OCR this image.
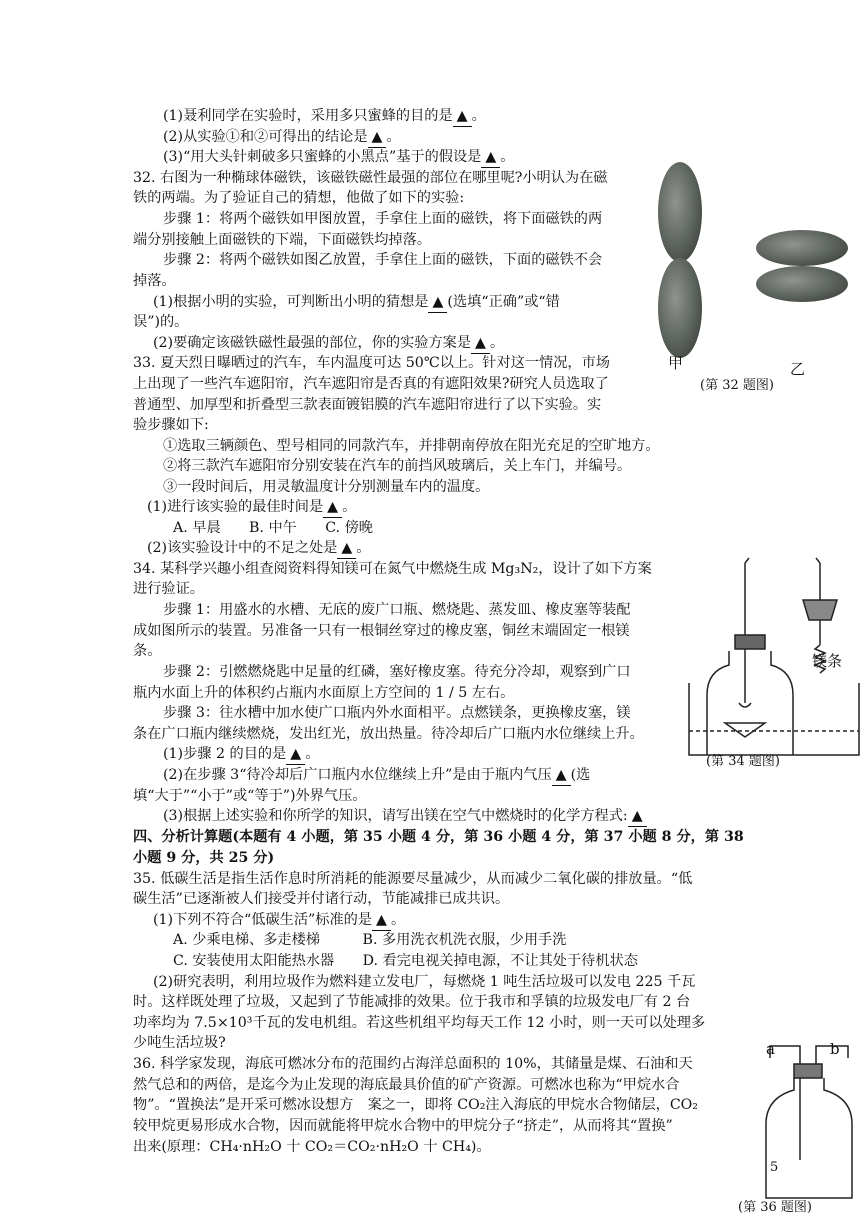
(1)聂利同学在实验时，采用多只蜜蜂的目的是 ▲ 。
(2)从实验①和②可得出的结论是 ▲ 。
(3)“用大头针刺破多只蜜蜂的小黑点”基于的假设是 ▲ 。
32. 右图为一种椭球体磁铁，该磁铁磁性最强的部位在哪里呢?小明认为在磁
铁的两端。为了验证自己的猜想，他做了如下的实验:
步骤 1：将两个磁铁如甲图放置，手拿住上面的磁铁，将下面磁铁的两
端分别接触上面磁铁的下端，下面磁铁均掉落。
步骤 2：将两个磁铁如图乙放置，手拿住上面的磁铁，下面的磁铁不会
掉落。
(1)根据小明的实验，可判断出小明的猜想是 ▲ (选填“正确”或“错
误”)的。
(2)要确定该磁铁磁性最强的部位，你的实验方案是 ▲ 。
33. 夏天烈日曝晒过的汽车，车内温度可达 50℃以上。针对这一情况，市场
上出现了一些汽车遮阳帘，汽车遮阳帘是否真的有遮阳效果?研究人员选取了
普通型、加厚型和折叠型三款表面镀铝膜的汽车遮阳帘进行了以下实验。实
验步骤如下:
①选取三辆颜色、型号相同的同款汽车，并排朝南停放在阳光充足的空旷地方。
②将三款汽车遮阳帘分别安装在汽车的前挡风玻璃后，关上车门，并编号。
③一段时间后，用灵敏温度计分别测量车内的温度。
(1)进行该实验的最佳时间是 ▲ 。
A. 早晨　　B. 中午　　C. 傍晚
(2)该实验设计中的不足之处是 ▲ 。
34. 某科学兴趣小组查阅资料得知镁可在氮气中燃烧生成 Mg₃N₂，设计了如下方案
进行验证。
步骤 1：用盛水的水槽、无底的废广口瓶、燃烧匙、蒸发皿、橡皮塞等装配
成如图所示的装置。另准备一只有一根铜丝穿过的橡皮塞，铜丝末端固定一根镁
条。
步骤 2：引燃燃烧匙中足量的红磷，塞好橡皮塞。待充分冷却，观察到广口
瓶内水面上升的体积约占瓶内水面原上方空间的 1 / 5 左右。
步骤 3：往水槽中加水使广口瓶内外水面相平。点燃镁条，更换橡皮塞，镁
条在广口瓶内继续燃烧，发出红光，放出热量。待冷却后广口瓶内水位继续上升。
(1)步骤 2 的目的是 ▲ 。
(2)在步骤 3“待冷却后广口瓶内水位继续上升”是由于瓶内气压 ▲ (选
填“大于”“小于”或“等于”)外界气压。
(3)根据上述实验和你所学的知识，请写出镁在空气中燃烧时的化学方程式: ▲
四、分析计算题(本题有 4 小题，第 35 小题 4 分，第 36 小题 4 分，第 37 小题 8 分，第 38
小题 9 分，共 25 分)
35. 低碳生活是指生活作息时所消耗的能源要尽量减少，从而减少二氧化碳的排放量。“低
碳生活”已逐渐被人们接受并付诸行动，节能减排已成共识。
(1)下列不符合“低碳生活”标准的是 ▲ 。
A. 少乘电梯、多走楼梯　　　B. 多用洗衣机洗衣服，少用手洗
C. 安装使用太阳能热水器　　D. 看完电视关掉电源，不让其处于待机状态
(2)研究表明，利用垃圾作为燃料建立发电厂，每燃烧 1 吨生活垃圾可以发电 225 千瓦
时。这样既处理了垃圾，又起到了节能减排的效果。位于我市和孚镇的垃圾发电厂有 2 台
功率均为 7.5×10³千瓦的发电机组。若这些机组平均每天工作 12 小时，则一天可以处理多
少吨生活垃圾?
36. 科学家发现，海底可燃冰分布的范围约占海洋总面积的 10%，其储量是煤、石油和天
然气总和的两倍，是迄今为止发现的海底最具价值的矿产资源。可燃冰也称为“甲烷水合
物”。“置换法”是开采可燃冰设想方　案之一，即将 CO₂注入海底的甲烷水合物储层，CO₂
较甲烷更易形成水合物，因而就能将甲烷水合物中的甲烷分子“挤走”，从而将其“置换”
出来(原理：CH₄·nH₂O 十 CO₂＝CO₂·nH₂O 十 CH₄)。
甲	乙
(第 32 题图)
镁条
(第 34 题图)
a	b
(第 36 题图)
5
